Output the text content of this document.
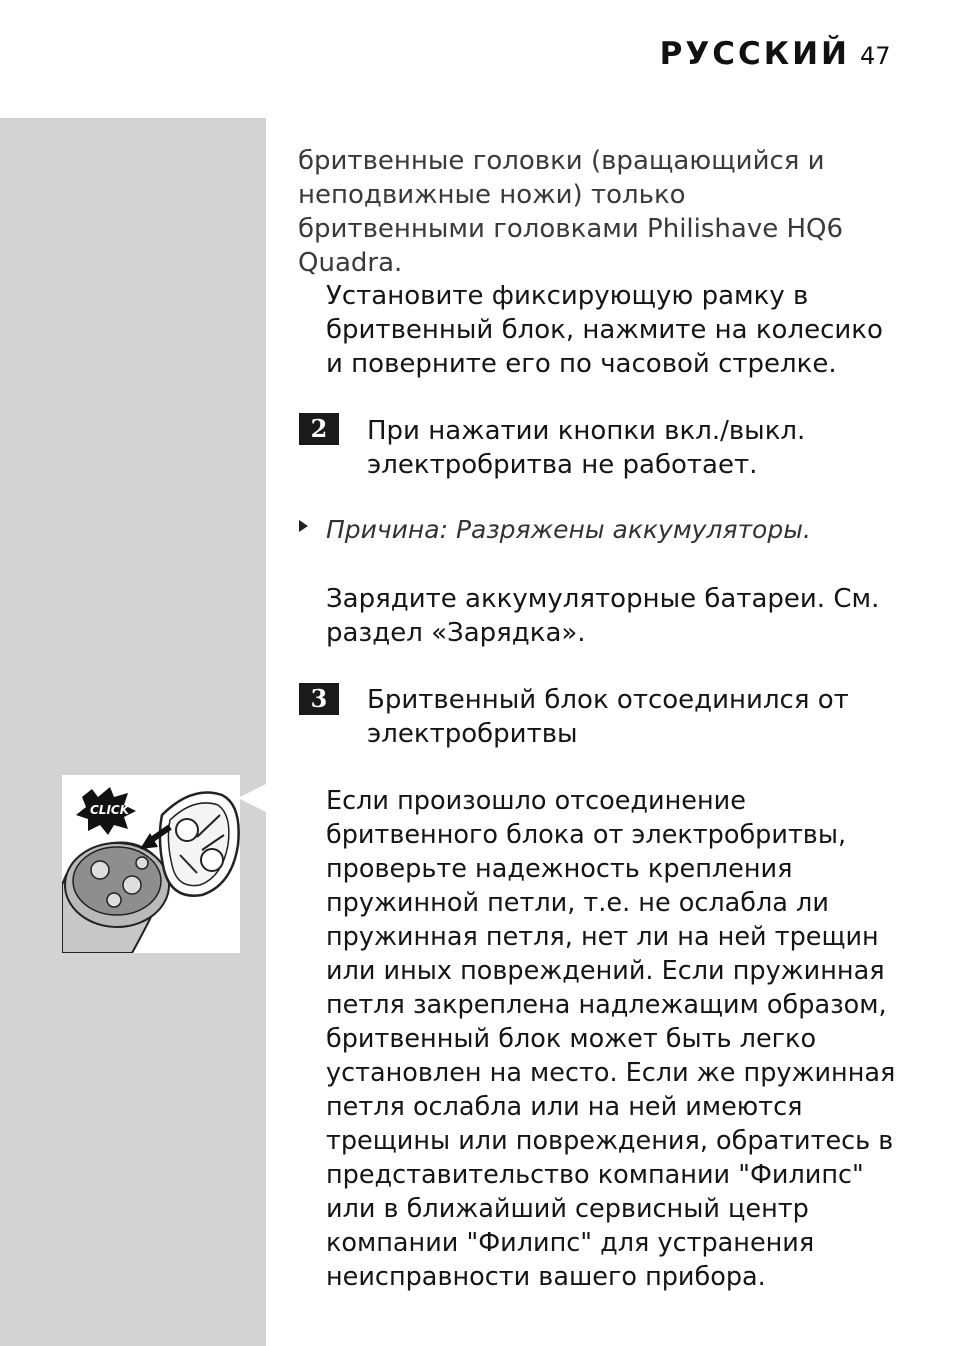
РУССКИЙ 47
бритвенные головки (вращающийся и неподвижные ножи) только бритвенными головками Philishave HQ6 Quadra.
Установите фиксирующую рамку в бритвенный блок, нажмите на колесико и поверните его по часовой стрелке.
2	При нажатии кнопки вкл./выкл. электробритва не работает.
Причина: Разряжены аккумуляторы.
Зарядите аккумуляторные батареи. См. раздел «Зарядка».
3	Бритвенный блок отсоединился от электробритвы
Если произошло отсоединение бритвенного блока от электробритвы, проверьте надежность крепления пружинной петли, т.е. не ослабла ли пружинная петля, нет ли на ней трещин или иных повреждений. Если пружинная петля закреплена надлежащим образом, бритвенный блок может быть легко установлен на место. Если же пружинная петля ослабла или на ней имеются трещины или повреждения, обратитесь в представительство компании "Филипс" или в ближайший сервисный центр компании "Филипс" для устранения неисправности вашего прибора.
CLICK
